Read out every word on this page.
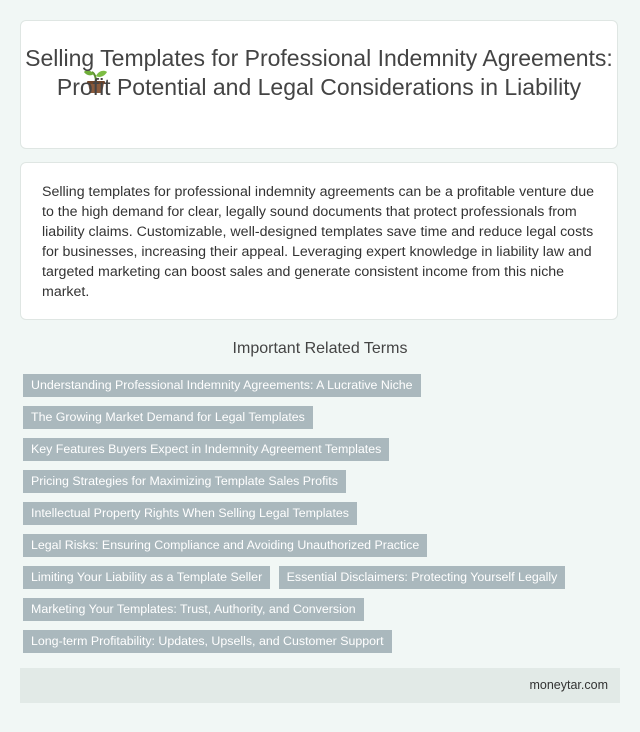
Selling Templates for Professional Indemnity Agreements: Profit Potential and Legal Considerations in Liability

Selling templates for professional indemnity agreements can be a profitable venture due to the high demand for clear, legally sound documents that protect professionals from liability claims. Customizable, well-designed templates save time and reduce legal costs for businesses, increasing their appeal. Leveraging expert knowledge in liability law and targeted marketing can boost sales and generate consistent income from this niche market.

Important Related Terms
Understanding Professional Indemnity Agreements: A Lucrative Niche
The Growing Market Demand for Legal Templates
Key Features Buyers Expect in Indemnity Agreement Templates
Pricing Strategies for Maximizing Template Sales Profits
Intellectual Property Rights When Selling Legal Templates
Legal Risks: Ensuring Compliance and Avoiding Unauthorized Practice
Limiting Your Liability as a Template Seller Essential Disclaimers: Protecting Yourself Legally
Marketing Your Templates: Trust, Authority, and Conversion
Long-term Profitability: Updates, Upsells, and Customer Support
moneytar.com
